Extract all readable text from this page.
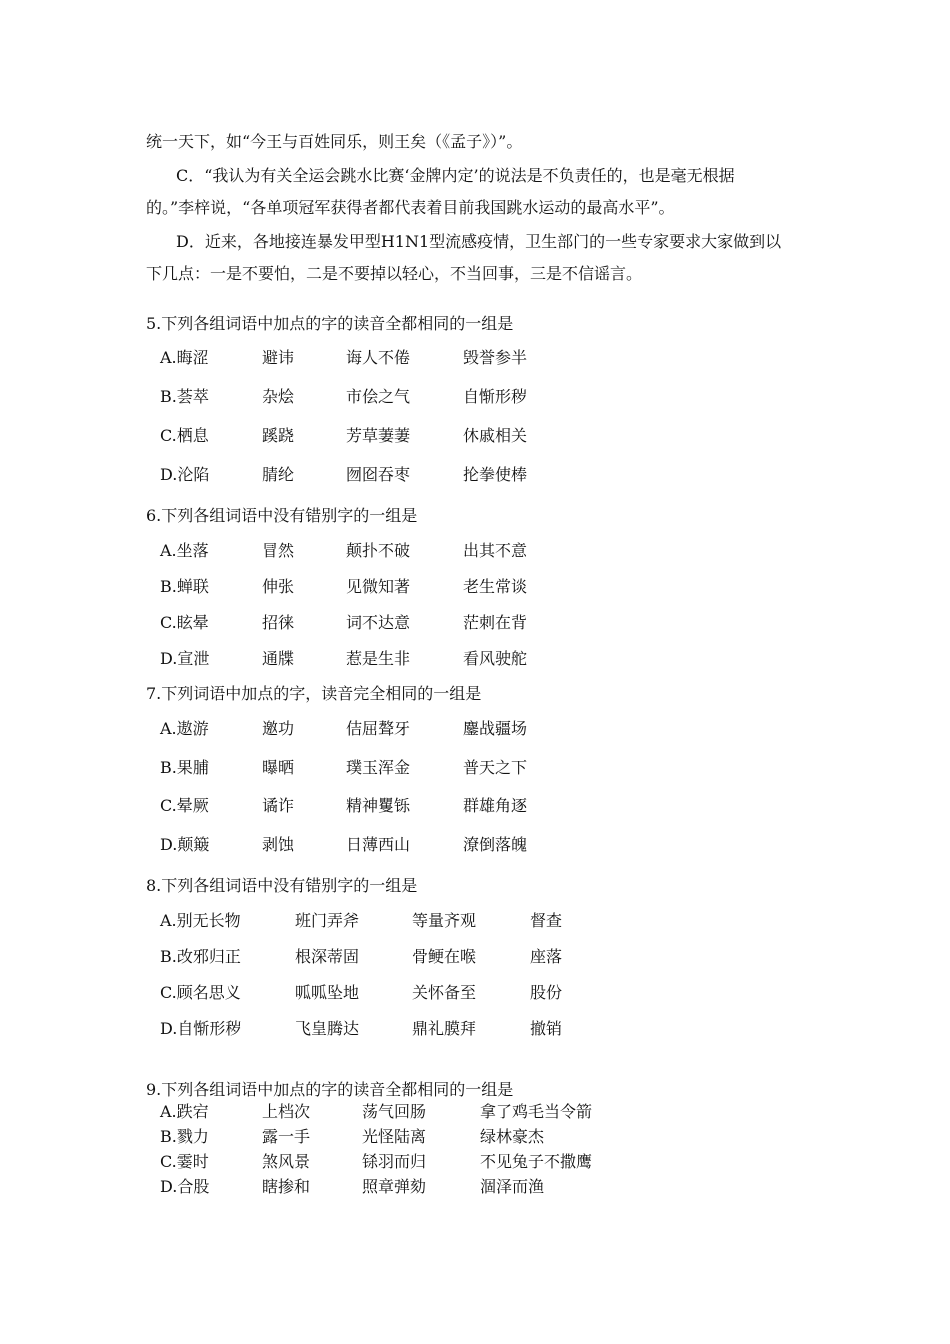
统一天下，如“今王与百姓同乐，则王矣（《孟子》）”。
C．“我认为有关全运会跳水比赛‘金牌内定’的说法是不负责任的，也是毫无根据
的。”李梓说，“各单项冠军获得者都代表着目前我国跳水运动的最高水平”。
D．近来，各地接连暴发甲型H1N1型流感疫情，卫生部门的一些专家要求大家做到以
下几点：一是不要怕，二是不要掉以轻心，不当回事，三是不信谣言。
5.下列各组词语中加点的字的读音全都相同的一组是
A.晦涩	避讳	诲人不倦	毁誉参半
B.荟萃	杂烩	市侩之气	自惭形秽
C.栖息	蹊跷	芳草萋萋	休戚相关
D.沦陷	腈纶	囫囵吞枣	抡拳使棒
6.下列各组词语中没有错别字的一组是
A.坐落	冒然	颠扑不破	出其不意
B.蝉联	伸张	见微知著	老生常谈
C.眩晕	招徕	词不达意	茫刺在背
D.宣泄	通牒	惹是生非	看风驶舵
7.下列词语中加点的字，读音完全相同的一组是
A.遨游	邀功	佶屈聱牙	鏖战疆场
B.果脯	曝晒	璞玉浑金	普天之下
C.晕厥	谲诈	精神矍铄	群雄角逐
D.颠簸	剥蚀	日薄西山	潦倒落魄
8.下列各组词语中没有错别字的一组是
A.别无长物	班门弄斧	等量齐观	督查
B.改邪归正	根深蒂固	骨鲠在喉	座落
C.顾名思义	呱呱坠地	关怀备至	股份
D.自惭形秽	飞皇腾达	鼎礼膜拜	撤销
9.下列各组词语中加点的字的读音全都相同的一组是
A.跌宕	上档次	荡气回肠	拿了鸡毛当令箭
B.戮力	露一手	光怪陆离	绿林豪杰
C.霎时	煞风景	铩羽而归	不见兔子不撒鹰
D.合股	瞎掺和	照章弹劾	涸泽而渔
